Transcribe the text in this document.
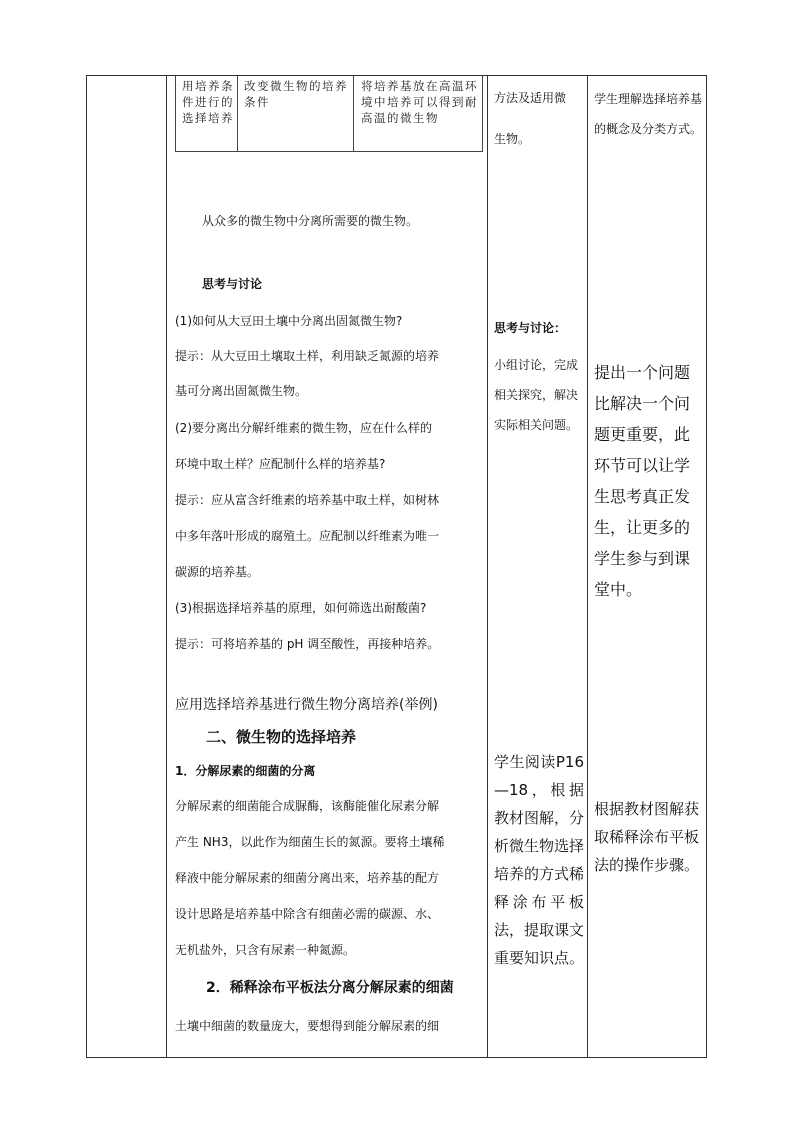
用培养条件进行的选择培养
改变微生物的培养条件
将培养基放在高温环境中培养可以得到耐高温的微生物
从众多的微生物中分离所需要的微生物。
思考与讨论
(1)如何从大豆田土壤中分离出固氮微生物?
提示：从大豆田土壤取土样，利用缺乏氮源的培养
基可分离出固氮微生物。
(2)要分离出分解纤维素的微生物，应在什么样的
环境中取土样？应配制什么样的培养基?
提示：应从富含纤维素的培养基中取土样，如树林
中多年落叶形成的腐殖土。应配制以纤维素为唯一
碳源的培养基。
(3)根据选择培养基的原理，如何筛选出耐酸菌?
提示：可将培养基的 pH 调至酸性，再接种培养。
应用选择培养基进行微生物分离培养(举例)
二、微生物的选择培养
1．分解尿素的细菌的分离
分解尿素的细菌能合成脲酶，该酶能催化尿素分解
产生 NH3，以此作为细菌生长的氮源。要将土壤稀
释液中能分解尿素的细菌分离出来，培养基的配方
设计思路是培养基中除含有细菌必需的碳源、水、
无机盐外，只含有尿素一种氮源。
2．稀释涂布平板法分离分解尿素的细菌
土壤中细菌的数量庞大，要想得到能分解尿素的细
方法及适用微
生物。
思考与讨论：
小组讨论，完成相关探究，解决实际相关问题。
学生阅读P16—18，根据教材图解，分析微生物选择培养的方式稀释涂布平板法，提取课文重要知识点。
学生理解选择培养基的概念及分类方式。
提出一个问题比解决一个问题更重要，此环节可以让学生思考真正发生，让更多的学生参与到课堂中。
根据教材图解获取稀释涂布平板法的操作步骤。
